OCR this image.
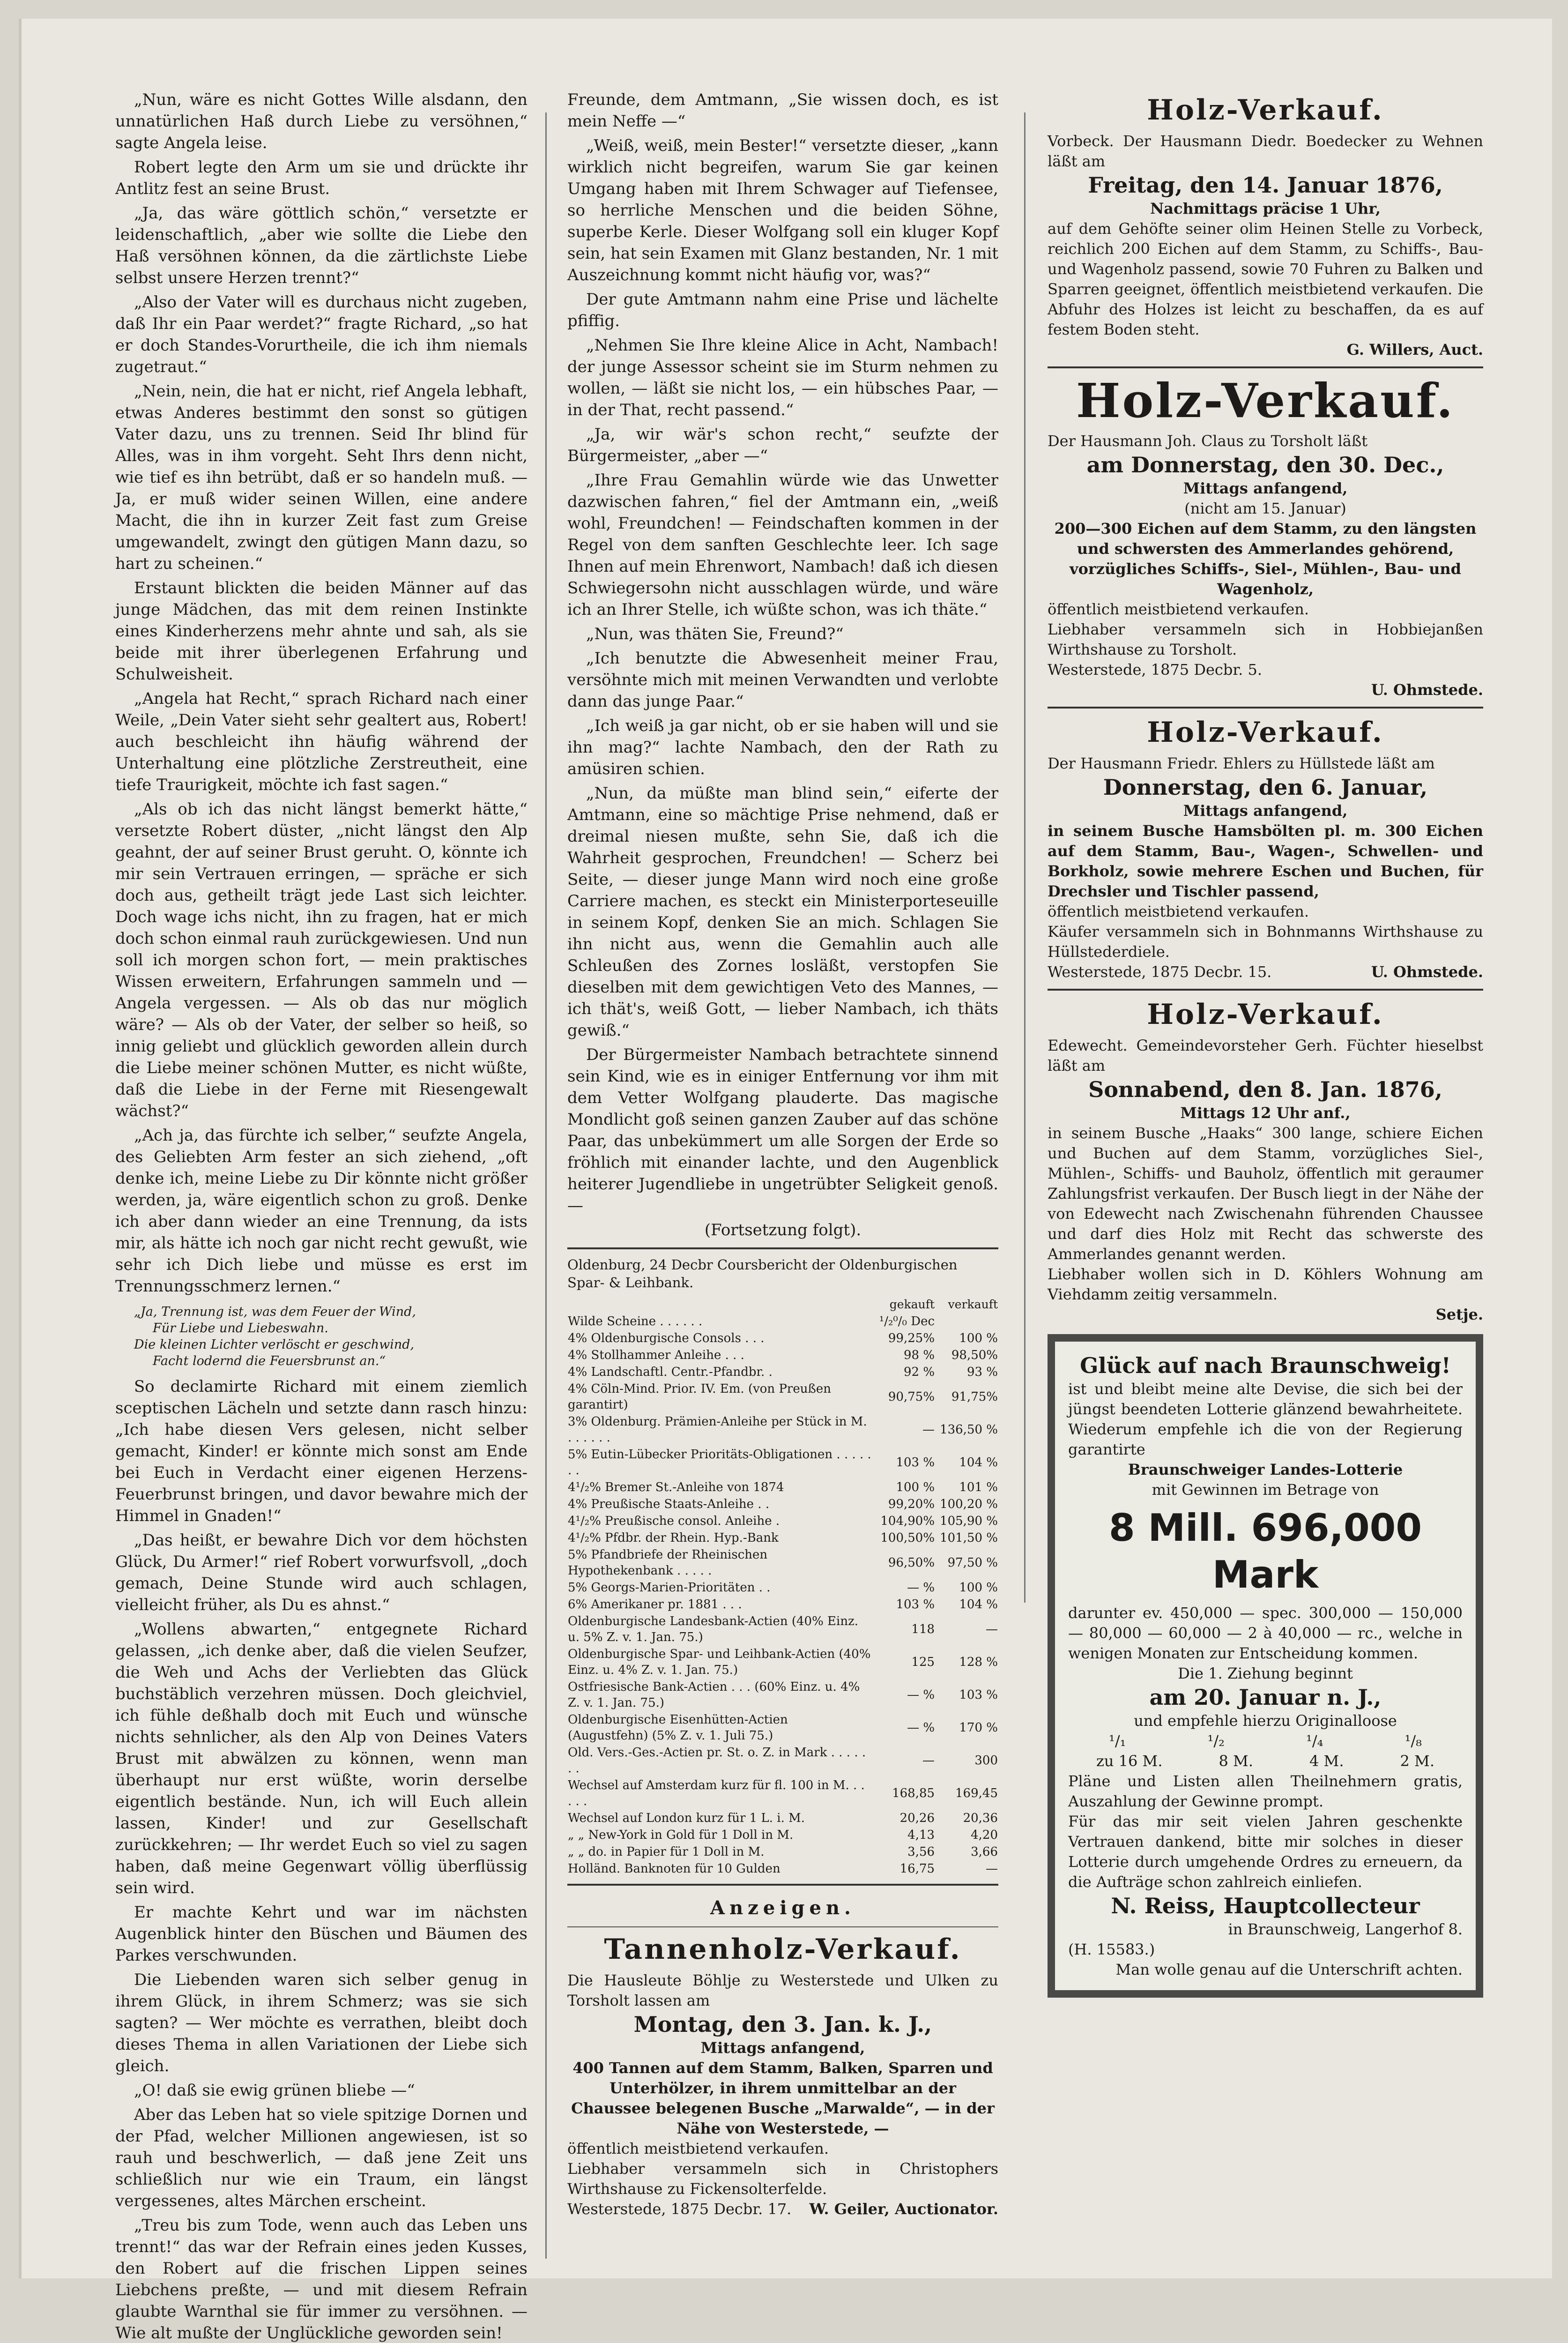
„Nun, wäre es nicht Gottes Wille alsdann, den unnatürlichen Haß durch Liebe zu versöhnen,“ sagte Angela leise.

Robert legte den Arm um sie und drückte ihr Antlitz fest an seine Brust.

„Ja, das wäre göttlich schön,“ versetzte er leidenschaftlich, „aber wie sollte die Liebe den Haß versöhnen können, da die zärtlichste Liebe selbst unsere Herzen trennt?“

„Also der Vater will es durchaus nicht zugeben, daß Ihr ein Paar werdet?“ fragte Richard, „so hat er doch Standes-Vorurtheile, die ich ihm niemals zugetraut.“

„Nein, nein, die hat er nicht, rief Angela lebhaft, etwas Anderes bestimmt den sonst so gütigen Vater dazu, uns zu trennen. Seid Ihr blind für Alles, was in ihm vorgeht. Seht Ihrs denn nicht, wie tief es ihn betrübt, daß er so handeln muß. — Ja, er muß wider seinen Willen, eine andere Macht, die ihn in kurzer Zeit fast zum Greise umgewandelt, zwingt den gütigen Mann dazu, so hart zu scheinen.“

Erstaunt blickten die beiden Männer auf das junge Mädchen, das mit dem reinen Instinkte eines Kinderherzens mehr ahnte und sah, als sie beide mit ihrer überlegenen Erfahrung und Schulweisheit.

„Angela hat Recht,“ sprach Richard nach einer Weile, „Dein Vater sieht sehr gealtert aus, Robert! auch beschleicht ihn häufig während der Unterhaltung eine plötzliche Zerstreutheit, eine tiefe Traurigkeit, möchte ich fast sagen.“

„Als ob ich das nicht längst bemerkt hätte,“ versetzte Robert düster, „nicht längst den Alp geahnt, der auf seiner Brust geruht. O, könnte ich mir sein Vertrauen erringen, — spräche er sich doch aus, getheilt trägt jede Last sich leichter. Doch wage ichs nicht, ihn zu fragen, hat er mich doch schon einmal rauh zurückgewiesen. Und nun soll ich morgen schon fort, — mein praktisches Wissen erweitern, Erfahrungen sammeln und — Angela vergessen. — Als ob das nur möglich wäre? — Als ob der Vater, der selber so heiß, so innig geliebt und glücklich geworden allein durch die Liebe meiner schönen Mutter, es nicht wüßte, daß die Liebe in der Ferne mit Riesengewalt wächst?“

„Ach ja, das fürchte ich selber,“ seufzte Angela, des Geliebten Arm fester an sich ziehend, „oft denke ich, meine Liebe zu Dir könnte nicht größer werden, ja, wäre eigentlich schon zu groß. Denke ich aber dann wieder an eine Trennung, da ists mir, als hätte ich noch gar nicht recht gewußt, wie sehr ich Dich liebe und müsse es erst im Trennungsschmerz lernen.“

„Ja, Trennung ist, was dem Feuer der Wind,
Für Liebe und Liebeswahn.
Die kleinen Lichter verlöscht er geschwind,
Facht lodernd die Feuersbrunst an.“

So declamirte Richard mit einem ziemlich sceptischen Lächeln und setzte dann rasch hinzu: „Ich habe diesen Vers gelesen, nicht selber gemacht, Kinder! er könnte mich sonst am Ende bei Euch in Verdacht einer eigenen Herzens-Feuerbrunst bringen, und davor bewahre mich der Himmel in Gnaden!“

„Das heißt, er bewahre Dich vor dem höchsten Glück, Du Armer!“ rief Robert vorwurfsvoll, „doch gemach, Deine Stunde wird auch schlagen, vielleicht früher, als Du es ahnst.“

„Wollens abwarten,“ entgegnete Richard gelassen, „ich denke aber, daß die vielen Seufzer, die Weh und Achs der Verliebten das Glück buchstäblich verzehren müssen. Doch gleichviel, ich fühle deßhalb doch mit Euch und wünsche nichts sehnlicher, als den Alp von Deines Vaters Brust mit abwälzen zu können, wenn man überhaupt nur erst wüßte, worin derselbe eigentlich bestände. Nun, ich will Euch allein lassen, Kinder! und zur Gesellschaft zurückkehren; — Ihr werdet Euch so viel zu sagen haben, daß meine Gegenwart völlig überflüssig sein wird.

Er machte Kehrt und war im nächsten Augenblick hinter den Büschen und Bäumen des Parkes verschwunden.

Die Liebenden waren sich selber genug in ihrem Glück, in ihrem Schmerz; was sie sich sagten? — Wer möchte es verrathen, bleibt doch dieses Thema in allen Variationen der Liebe sich gleich.

„O! daß sie ewig grünen bliebe —“

Aber das Leben hat so viele spitzige Dornen und der Pfad, welcher Millionen angewiesen, ist so rauh und beschwerlich, — daß jene Zeit uns schließlich nur wie ein Traum, ein längst vergessenes, altes Märchen erscheint.

„Treu bis zum Tode, wenn auch das Leben uns trennt!“ das war der Refrain eines jeden Kusses, den Robert auf die frischen Lippen seines Liebchens preßte, — und mit diesem Refrain glaubte Warnthal sie für immer zu versöhnen. — Wie alt mußte der Unglückliche geworden sein!

Freunde, dem Amtmann, „Sie wissen doch, es ist mein Neffe —“

„Weiß, weiß, mein Bester!“ versetzte dieser, „kann wirklich nicht begreifen, warum Sie gar keinen Umgang haben mit Ihrem Schwager auf Tiefensee, so herrliche Menschen und die beiden Söhne, superbe Kerle. Dieser Wolfgang soll ein kluger Kopf sein, hat sein Examen mit Glanz bestanden, Nr. 1 mit Auszeichnung kommt nicht häufig vor, was?“

Der gute Amtmann nahm eine Prise und lächelte pfiffig.

„Nehmen Sie Ihre kleine Alice in Acht, Nambach! der junge Assessor scheint sie im Sturm nehmen zu wollen, — läßt sie nicht los, — ein hübsches Paar, — in der That, recht passend.“

„Ja, wir wär's schon recht,“ seufzte der Bürgermeister, „aber —“

„Ihre Frau Gemahlin würde wie das Unwetter dazwischen fahren,“ fiel der Amtmann ein, „weiß wohl, Freundchen! — Feindschaften kommen in der Regel von dem sanften Geschlechte leer. Ich sage Ihnen auf mein Ehrenwort, Nambach! daß ich diesen Schwiegersohn nicht ausschlagen würde, und wäre ich an Ihrer Stelle, ich wüßte schon, was ich thäte.“

„Nun, was thäten Sie, Freund?“

„Ich benutzte die Abwesenheit meiner Frau, versöhnte mich mit meinen Verwandten und verlobte dann das junge Paar.“

„Ich weiß ja gar nicht, ob er sie haben will und sie ihn mag?“ lachte Nambach, den der Rath zu amüsiren schien.

„Nun, da müßte man blind sein,“ eiferte der Amtmann, eine so mächtige Prise nehmend, daß er dreimal niesen mußte, sehn Sie, daß ich die Wahrheit gesprochen, Freundchen! — Scherz bei Seite, — dieser junge Mann wird noch eine große Carriere machen, es steckt ein Ministerporteseuille in seinem Kopf, denken Sie an mich. Schlagen Sie ihn nicht aus, wenn die Gemahlin auch alle Schleußen des Zornes losläßt, verstopfen Sie dieselben mit dem gewichtigen Veto des Mannes, — ich thät's, weiß Gott, — lieber Nambach, ich thäts gewiß.“

Der Bürgermeister Nambach betrachtete sinnend sein Kind, wie es in einiger Entfernung vor ihm mit dem Vetter Wolfgang plauderte. Das magische Mondlicht goß seinen ganzen Zauber auf das schöne Paar, das unbekümmert um alle Sorgen der Erde so fröhlich mit einander lachte, und den Augenblick heiterer Jugendliebe in ungetrübter Seligkeit genoß. —

(Fortsetzung folgt).

Oldenburg, 24 Decbr Coursbericht der Oldenburgischen Spar- & Leihbank.
	gekauft	verkauft
Wilde Scheine . . . . . .	¹/₂⁰/₀ Dec	
4% Oldenburgische Consols . . .	99,25%	100 %
4% Stollhammer Anleihe . . .	98 %	98,50%
4% Landschaftl. Centr.-Pfandbr. .	92 %	93 %
4% Cöln-Mind. Prior. IV. Em. (von Preußen garantirt)	90,75%	91,75%
3% Oldenburg. Prämien-Anleihe per Stück in M. . . . . . .	—	136,50 %
5% Eutin-Lübecker Prioritäts-Obligationen . . . . . . .	103 %	104 %
4¹/₂% Bremer St.-Anleihe von 1874	100 %	101 %
4% Preußische Staats-Anleihe . .	99,20%	100,20 %
4¹/₂% Preußische consol. Anleihe .	104,90%	105,90 %
4¹/₂% Pfdbr. der Rhein. Hyp.-Bank	100,50%	101,50 %
5% Pfandbriefe der Rheinischen Hypothekenbank . . . . .	96,50%	97,50 %
5% Georgs-Marien-Prioritäten . .	— %	100 %
6% Amerikaner pr. 1881 . . .	103 %	104 %
Oldenburgische Landesbank-Actien (40% Einz. u. 5% Z. v. 1. Jan. 75.)	118	—
Oldenburgische Spar- und Leihbank-Actien (40% Einz. u. 4% Z. v. 1. Jan. 75.)	125	128 %
Ostfriesische Bank-Actien . . . (60% Einz. u. 4% Z. v. 1. Jan. 75.)	— %	103 %
Oldenburgische Eisenhütten-Actien (Augustfehn) (5% Z. v. 1. Juli 75.)	— %	170 %
Old. Vers.-Ges.-Actien pr. St. o. Z. in Mark . . . . . . .	—	300
Wechsel auf Amsterdam kurz für fl. 100 in M. . . . . .	168,85	169,45
Wechsel auf London kurz für 1 L. i. M.	20,26	20,36
„ „ New-York in Gold für 1 Doll in M.	4,13	4,20
„ „ do. in Papier für 1 Doll in M.	3,56	3,66
Holländ. Banknoten für 10 Gulden	16,75	—
Anzeigen.
Tannenholz-Verkauf.
Die Hausleute Böhlje zu Westerstede und Ulken zu Torsholt lassen am
Montag, den 3. Jan. k. J.,
Mittags anfangend,
400 Tannen auf dem Stamm, Balken, Sparren und Unterhölzer, in ihrem unmittelbar an der Chaussee belegenen Busche „Marwalde“, — in der Nähe von Westerstede, —
öffentlich meistbietend verkaufen.
Liebhaber versammeln sich in Christophers Wirthshause zu Fickensolterfelde.
Westerstede, 1875 Decbr. 17. W. Geiler, Auctionator.
Holz-Verkauf.
Vorbeck. Der Hausmann Diedr. Boedecker zu Wehnen läßt am
Freitag, den 14. Januar 1876,
Nachmittags präcise 1 Uhr,
auf dem Gehöfte seiner olim Heinen Stelle zu Vorbeck, reichlich 200 Eichen auf dem Stamm, zu Schiffs-, Bau- und Wagenholz passend, sowie 70 Fuhren zu Balken und Sparren geeignet, öffentlich meistbietend verkaufen. Die Abfuhr des Holzes ist leicht zu beschaffen, da es auf festem Boden steht.
G. Willers, Auct.
Holz-Verkauf.
Der Hausmann Joh. Claus zu Torsholt läßt
am Donnerstag, den 30. Dec.,
Mittags anfangend,
(nicht am 15. Januar)
200—300 Eichen auf dem Stamm, zu den längsten und schwersten des Ammerlandes gehörend, vorzügliches Schiffs-, Siel-, Mühlen-, Bau- und Wagenholz,
öffentlich meistbietend verkaufen.
Liebhaber versammeln sich in Hobbiejanßen Wirthshause zu Torsholt.
Westerstede, 1875 Decbr. 5.
U. Ohmstede.
Holz-Verkauf.
Der Hausmann Friedr. Ehlers zu Hüllstede läßt am
Donnerstag, den 6. Januar,
Mittags anfangend,
in seinem Busche Hamsbölten pl. m. 300 Eichen auf dem Stamm, Bau-, Wagen-, Schwellen- und Borkholz, sowie mehrere Eschen und Buchen, für Drechsler und Tischler passend,
öffentlich meistbietend verkaufen.
Käufer versammeln sich in Bohnmanns Wirthshause zu Hüllstederdiele.
Westerstede, 1875 Decbr. 15.	U. Ohmstede.
Holz-Verkauf.
Edewecht. Gemeindevorsteher Gerh. Füchter hieselbst läßt am
Sonnabend, den 8. Jan. 1876,
Mittags 12 Uhr anf.,
in seinem Busche „Haaks“ 300 lange, schiere Eichen und Buchen auf dem Stamm, vorzügliches Siel-, Mühlen-, Schiffs- und Bauholz, öffentlich mit geraumer Zahlungsfrist verkaufen. Der Busch liegt in der Nähe der von Edewecht nach Zwischenahn führenden Chaussee und darf dies Holz mit Recht das schwerste des Ammerlandes genannt werden.
Liebhaber wollen sich in D. Köhlers Wohnung am Viehdamm zeitig versammeln.
Setje.
Glück auf nach Braunschweig!
ist und bleibt meine alte Devise, die sich bei der jüngst beendeten Lotterie glänzend bewahrheitete. Wiederum empfehle ich die von der Regierung garantirte
Braunschweiger Landes-Lotterie
mit Gewinnen im Betrage von
8 Mill. 696,000 Mark
darunter ev. 450,000 — spec. 300,000 — 150,000 — 80,000 — 60,000 — 2 à 40,000 — rc., welche in wenigen Monaten zur Entscheidung kommen.
Die 1. Ziehung beginnt
am 20. Januar n. J.,
und empfehle hierzu Originalloose
¹/₁	¹/₂	¹/₄	¹/₈
zu 16 M.	8 M.	4 M.	2 M.
Pläne und Listen allen Theilnehmern gratis, Auszahlung der Gewinne prompt.
Für das mir seit vielen Jahren geschenkte Vertrauen dankend, bitte mir solches in dieser Lotterie durch umgehende Ordres zu erneuern, da die Aufträge schon zahlreich einliefen.
N. Reiss, Hauptcollecteur
in Braunschweig, Langerhof 8.
(H. 15583.)
Man wolle genau auf die Unterschrift achten.
